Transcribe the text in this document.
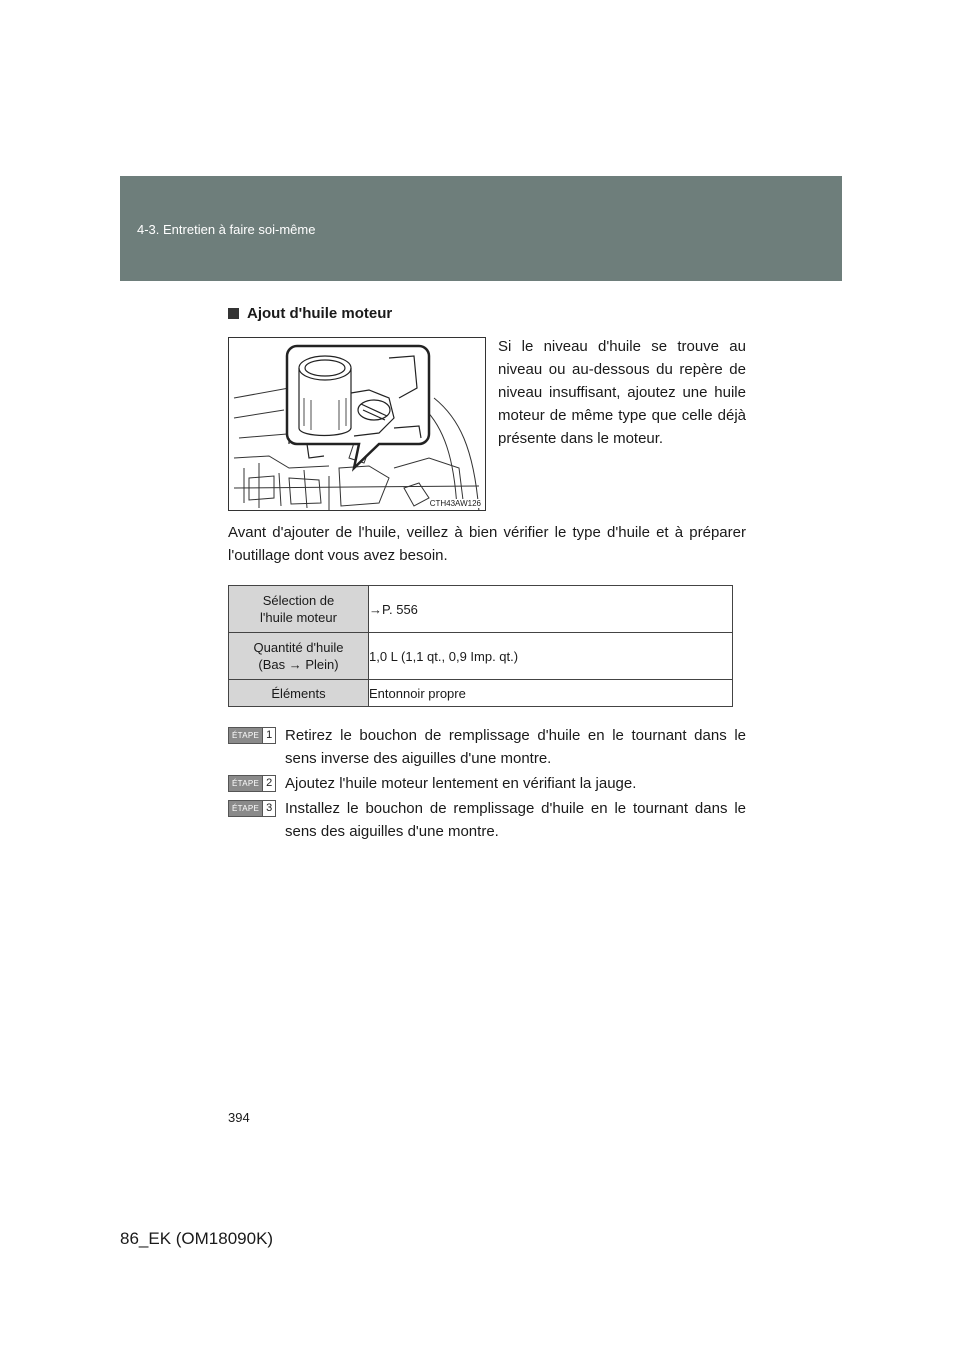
4-3. Entretien à faire soi-même
Ajout d'huile moteur
CTH43AW126
Si le niveau d'huile se trouve au niveau ou au-dessous du repère de niveau insuffisant, ajoutez une huile moteur de même type que celle déjà présente dans le moteur.
Avant d'ajouter de l'huile, veillez à bien vérifier le type d'huile et à préparer l'outillage dont vous avez besoin.
Sélection de
l'huile moteur	→P. 556

Quantité d'huile
(Bas → Plein)	1,0 L (1,1 qt., 0,9 Imp. qt.)

Éléments	Entonnoir propre
ÉTAPE 1 Retirez le bouchon de remplissage d'huile en le tournant dans le sens inverse des aiguilles d'une montre.
ÉTAPE 2 Ajoutez l'huile moteur lentement en vérifiant la jauge.
ÉTAPE 3 Installez le bouchon de remplissage d'huile en le tournant dans le sens des aiguilles d'une montre.
394
86_EK (OM18090K)
